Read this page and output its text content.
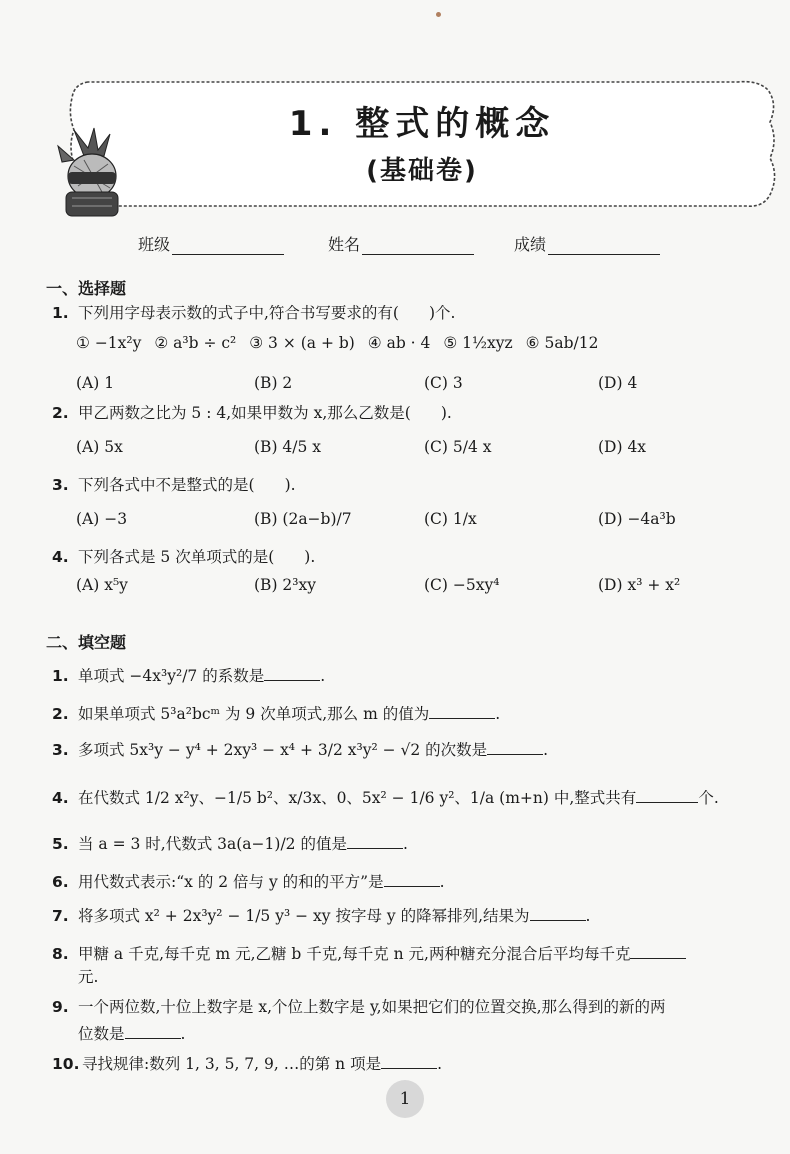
1. 整式的概念
(基础卷)
班级	姓名	成绩
一、选择题
1. 下列用字母表示数的式子中,符合书写要求的有( )个.
① −1x²y ② a³b ÷ c² ③ 3 × (a + b) ④ ab · 4 ⑤ 1½xyz ⑥ 5ab/12
(A) 1	(B) 2	(C) 3	(D) 4
2. 甲乙两数之比为 5 : 4,如果甲数为 x,那么乙数是( ).
(A) 5x	(B) 4/5 x	(C) 5/4 x	(D) 4x
3. 下列各式中不是整式的是( ).
(A) −3	(B) (2a−b)/7	(C) 1/x	(D) −4a³b
4. 下列各式是 5 次单项式的是( ).
(A) x⁵y	(B) 2³xy	(C) −5xy⁴	(D) x³ + x²
二、填空题
1. 单项式 −4x³y²/7 的系数是	.
2. 如果单项式 5³a²bcᵐ 为 9 次单项式,那么 m 的值为	.
3. 多项式 5x³y − y⁴ + 2xy³ − x⁴ + 3/2 x³y² − √2 的次数是	.
4. 在代数式 1/2 x²y、−1/5 b²、x/3x、0、5x² − 1/6 y²、1/a (m+n) 中,整式共有	个.
5. 当 a = 3 时,代数式 3a(a−1)/2 的值是	.
6. 用代数式表示:“x 的 2 倍与 y 的和的平方”是	.
7. 将多项式 x² + 2x³y² − 1/5 y³ − xy 按字母 y 的降幂排列,结果为	.
8. 甲糖 a 千克,每千克 m 元,乙糖 b 千克,每千克 n 元,两种糖充分混合后平均每千克
元.
9. 一个两位数,十位上数字是 x,个位上数字是 y,如果把它们的位置交换,那么得到的新的两
位数是	.
10. 寻找规律:数列 1, 3, 5, 7, 9, …的第 n 项是	.
1
